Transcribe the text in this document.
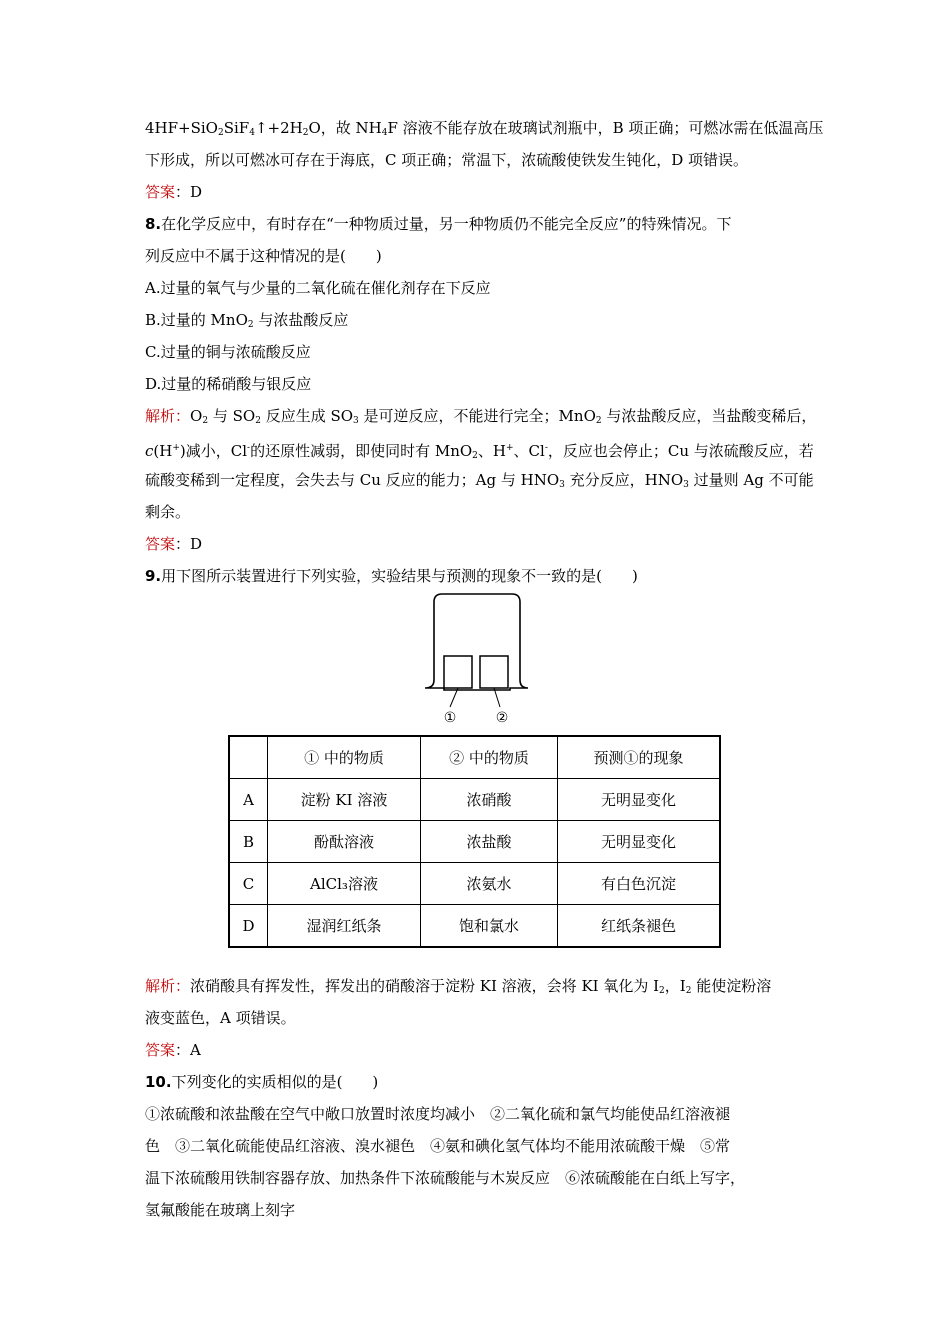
$4HF+SiO_2SiF_4↑+2H_2O$，故 $NH_4F$ 溶液不能存放在玻璃试剂瓶中，B 项正确；可燃冰需在低温高压
下形成，所以可燃冰可存在于海底，C 项正确；常温下，浓硫酸使铁发生钝化，D 项错误。
答案：D
8.在化学反应中，有时存在“一种物质过量，另一种物质仍不能完全反应”的特殊情况。下
列反应中不属于这种情况的是(　　)
A.过量的氧气与少量的二氧化硫在催化剂存在下反应
B.过量的 MnO$_2$ 与浓盐酸反应
C.过量的铜与浓硫酸反应
D.过量的稀硝酸与银反应
解析：$O_2$ 与 $SO_2$ 反应生成 $SO_3$ 是可逆反应，不能进行完全；MnO$_2$ 与浓盐酸反应，当盐酸变稀后，
c(H+)减小，Cl-的还原性减弱，即使同时有 MnO$_2$、H+、Cl-，反应也会停止；Cu 与浓硫酸反应，若
硫酸变稀到一定程度，会失去与 Cu 反应的能力；Ag 与 $HNO_3$ 充分反应，$HNO_3$ 过量则 Ag 不可能
剩余。
答案：D
9.用下图所示装置进行下列实验，实验结果与预测的现象不一致的是(　　)
①	②
	① 中的物质	② 中的物质	预测①的现象
A	淀粉 KI 溶液	浓硝酸	无明显变化
B	酚酞溶液	浓盐酸	无明显变化
C	AlCl₃溶液	浓氨水	有白色沉淀
D	湿润红纸条	饱和氯水	红纸条褪色
解析：浓硝酸具有挥发性，挥发出的硝酸溶于淀粉 KI 溶液，会将 KI 氧化为 $I_2$，$I_2$ 能使淀粉溶
液变蓝色，A 项错误。
答案：A
10.下列变化的实质相似的是(　　)
①浓硫酸和浓盐酸在空气中敞口放置时浓度均减小　②二氧化硫和氯气均能使品红溶液褪
色　③二氧化硫能使品红溶液、溴水褪色　④氨和碘化氢气体均不能用浓硫酸干燥　⑤常
温下浓硫酸用铁制容器存放、加热条件下浓硫酸能与木炭反应　⑥浓硫酸能在白纸上写字，
氢氟酸能在玻璃上刻字
